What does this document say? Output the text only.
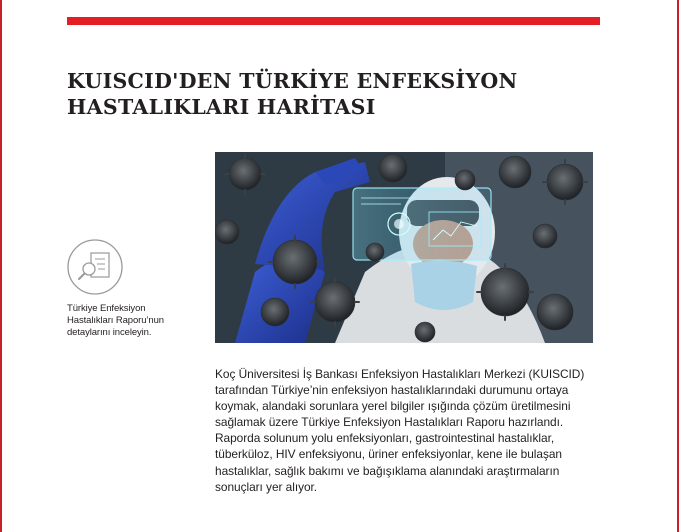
KUISCID'DEN TÜRKİYE ENFEKSİYON
HASTALIKLARI HARİTASI

Türkiye Enfeksiyon Hastalıkları Raporu’nun detaylarını inceleyin.

Koç Üniversitesi İş Bankası Enfeksiyon Hastalıkları Merkezi (KUISCID) tarafından Türkiye’nin enfeksiyon hastalıklarındaki durumunu ortaya koymak, alandaki sorunlara yerel bilgiler ışığında çözüm üretilmesini sağlamak üzere Türkiye Enfeksiyon Hastalıkları Raporu hazırlandı. Raporda solunum yolu enfeksiyonları, gastrointestinal hastalıklar, tüberküloz, HIV enfeksiyonu, üriner enfeksiyonlar, kene ile bulaşan hastalıklar, sağlık bakımı ve bağışıklama alanındaki araştırmaların sonuçları yer alıyor.
